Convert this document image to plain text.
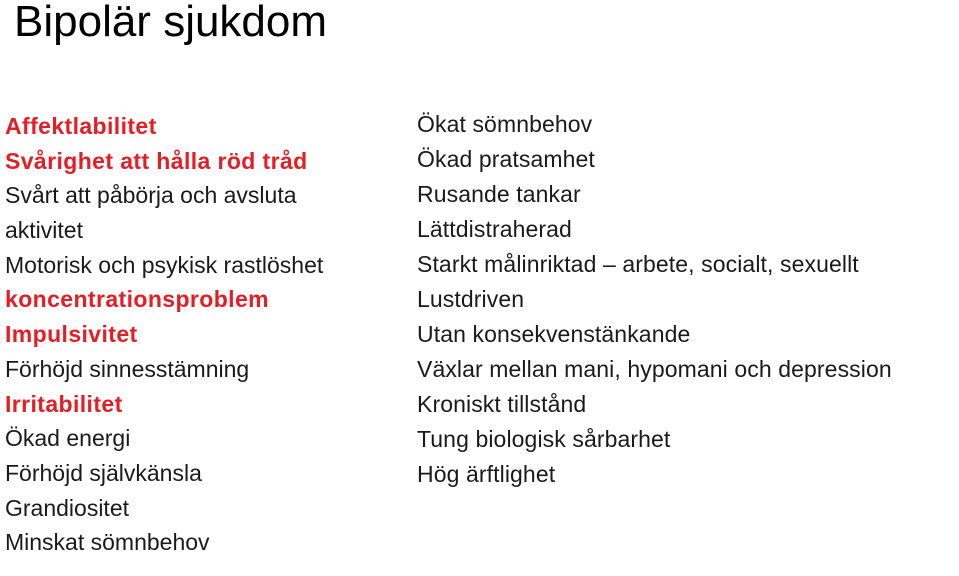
Bipolär sjukdom
Affektlabilitet
Svårighet att hålla röd tråd
Svårt att påbörja och avsluta
aktivitet
Motorisk och psykisk rastlöshet
koncentrationsproblem
Impulsivitet
Förhöjd sinnesstämning
Irritabilitet
Ökad energi
Förhöjd självkänsla
Grandiositet
Minskat sömnbehov
Ökat sömnbehov
Ökad pratsamhet
Rusande tankar
Lättdistraherad
Starkt målinriktad – arbete, socialt, sexuellt
Lustdriven
Utan konsekvenstänkande
Växlar mellan mani, hypomani och depression
Kroniskt tillstånd
Tung biologisk sårbarhet
Hög ärftlighet
